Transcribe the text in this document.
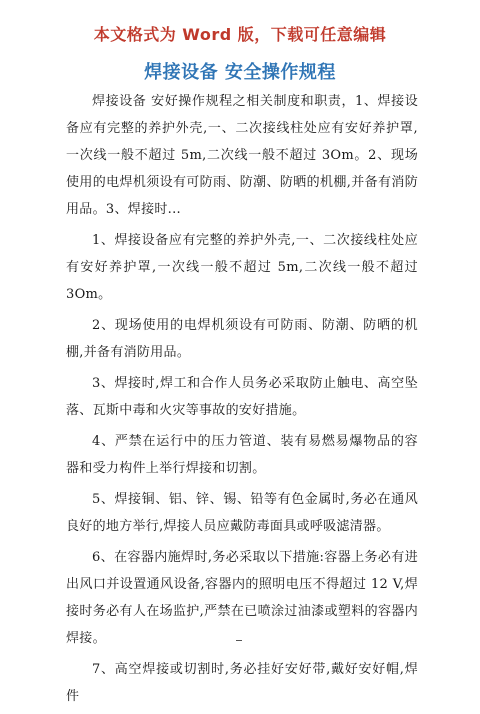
本文格式为 Word 版，下载可任意编辑
焊接设备 安全操作规程

焊接设备 安好操作规程之相关制度和职责，1、焊接设备应有完整的养护外壳,一、二次接线柱处应有安好养护罩,一次线一般不超过 5m,二次线一般不超过 3Om。2、现场使用的电焊机须设有可防雨、防潮、防晒的机棚,并备有消防用品。3、焊接时...

1、焊接设备应有完整的养护外壳,一、二次接线柱处应有安好养护罩,一次线一般不超过 5m,二次线一般不超过 3Om。

2、现场使用的电焊机须设有可防雨、防潮、防晒的机棚,并备有消防用品。

3、焊接时,焊工和合作人员务必采取防止触电、高空坠落、瓦斯中毒和火灾等事故的安好措施。

4、严禁在运行中的压力管道、装有易燃易爆物品的容器和受力构件上举行焊接和切割。

5、焊接铜、铝、锌、锡、铅等有色金属时,务必在通风良好的地方举行,焊接人员应戴防毒面具或呼吸滤清器。

6、在容器内施焊时,务必采取以下措施:容器上务必有进出风口并设置通风设备,容器内的照明电压不得超过 12 V,焊接时务必有人在场监护,严禁在已喷涂过油漆或塑料的容器内焊接。

7、高空焊接或切割时,务必挂好安好带,戴好安好帽,焊件
